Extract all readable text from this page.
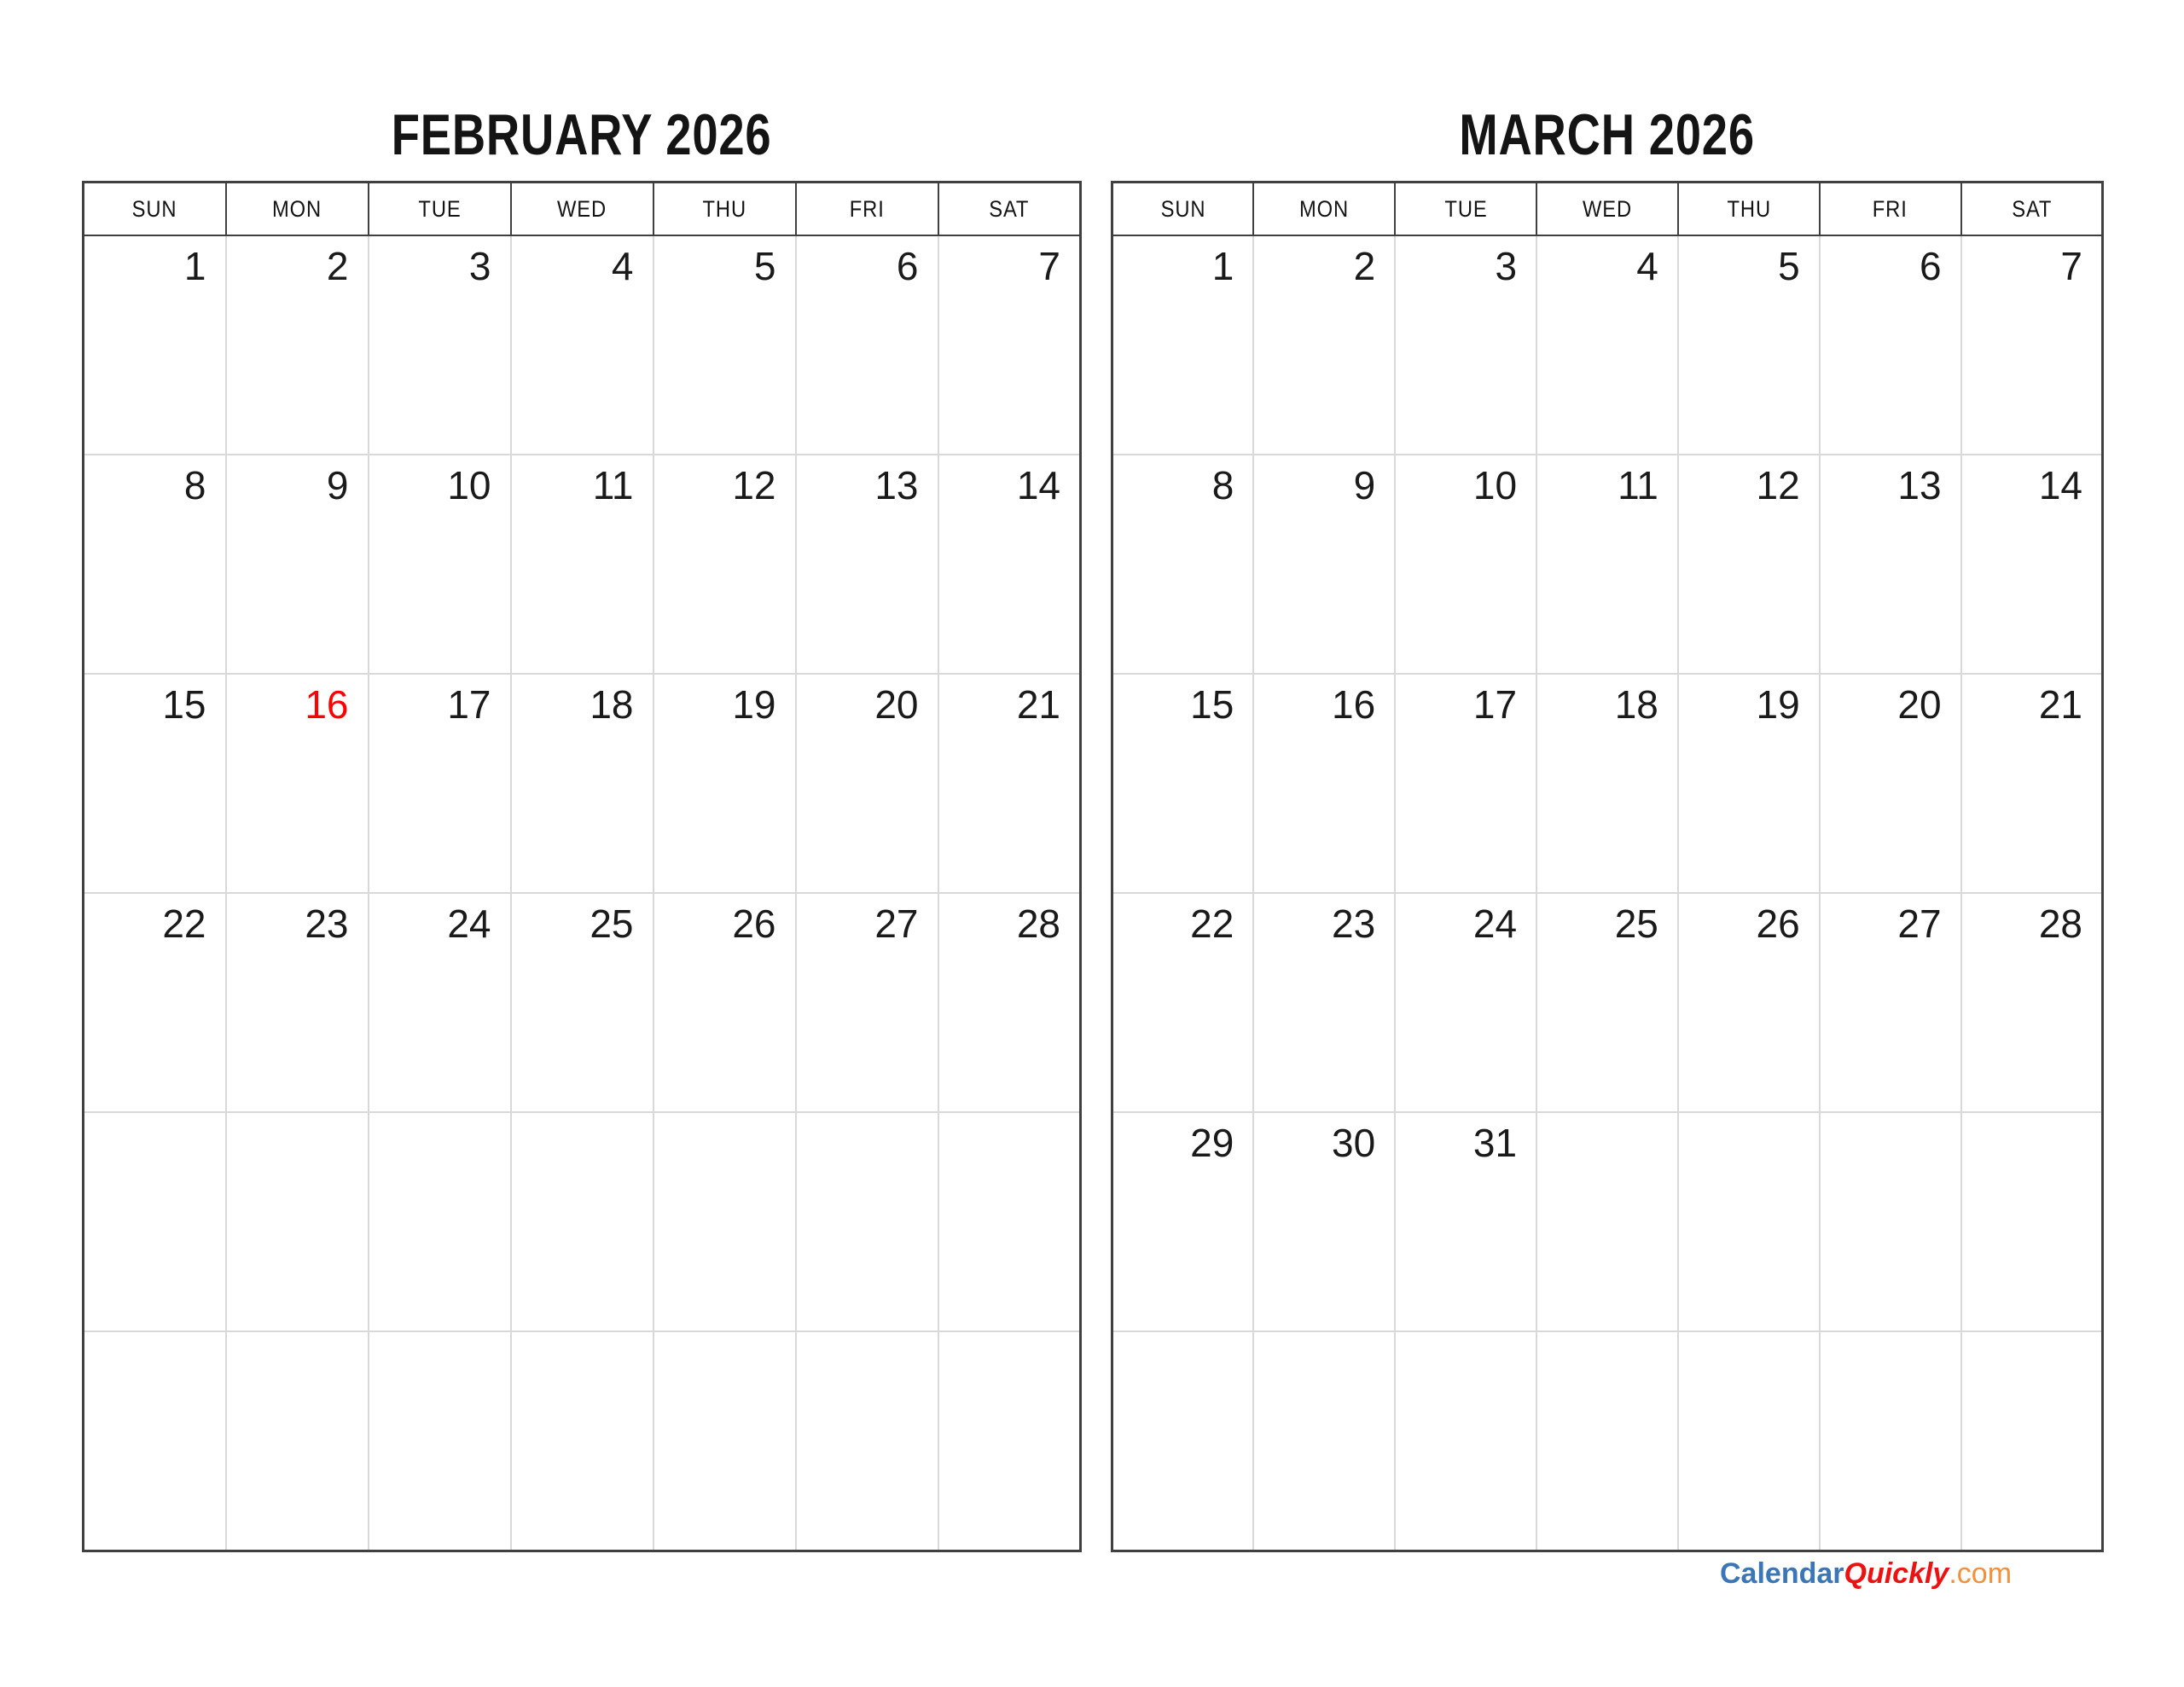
FEBRUARY 2026
SUN	MON	TUE	WED	THU	FRI	SAT
1	2	3	4	5	6	7
8	9	10	11	12	13	14
15	16	17	18	19	20	21
22	23	24	25	26	27	28

MARCH 2026
SUN	MON	TUE	WED	THU	FRI	SAT
1	2	3	4	5	6	7
8	9	10	11	12	13	14
15	16	17	18	19	20	21
22	23	24	25	26	27	28
29	30	31				

CalendarQuickly.com
